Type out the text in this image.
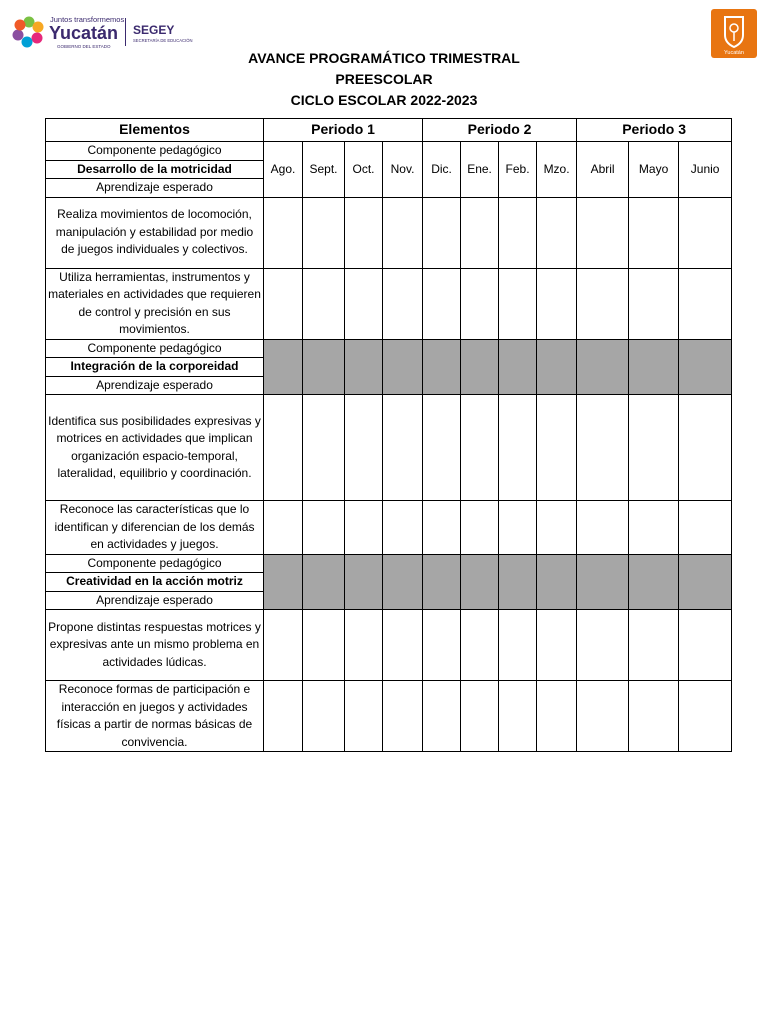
Juntos transformemos
Yucatán
GOBIERNO DEL ESTADO
SEGEY
SECRETARÍA DE EDUCACIÓN
Yucatán
AVANCE PROGRAMÁTICO TRIMESTRAL
PREESCOLAR
CICLO ESCOLAR 2022-2023
Elementos	Periodo 1				Periodo 2				Periodo 3		
Componente pedagógico	Ago.	Sept.	Oct.	Nov.	Dic.	Ene.	Feb.	Mzo.	Abril	Mayo	Junio
Desarrollo de la motricidad											
Aprendizaje esperado											
Realiza movimientos de locomoción, manipulación y estabilidad por medio de juegos individuales y colectivos.											
Utiliza herramientas, instrumentos y materiales en actividades que requieren de control y precisión en sus movimientos.											
Componente pedagógico											
Integración de la corporeidad											
Aprendizaje esperado											
Identifica sus posibilidades expresivas y motrices en actividades que implican organización espacio-temporal, lateralidad, equilibrio y coordinación.											
Reconoce las características que lo identifican y diferencian de los demás en actividades y juegos.											
Componente pedagógico											
Creatividad en la acción motriz											
Aprendizaje esperado											
Propone distintas respuestas motrices y expresivas ante un mismo problema en actividades lúdicas.											
Reconoce formas de participación e interacción en juegos y actividades físicas a partir de normas básicas de convivencia.											
